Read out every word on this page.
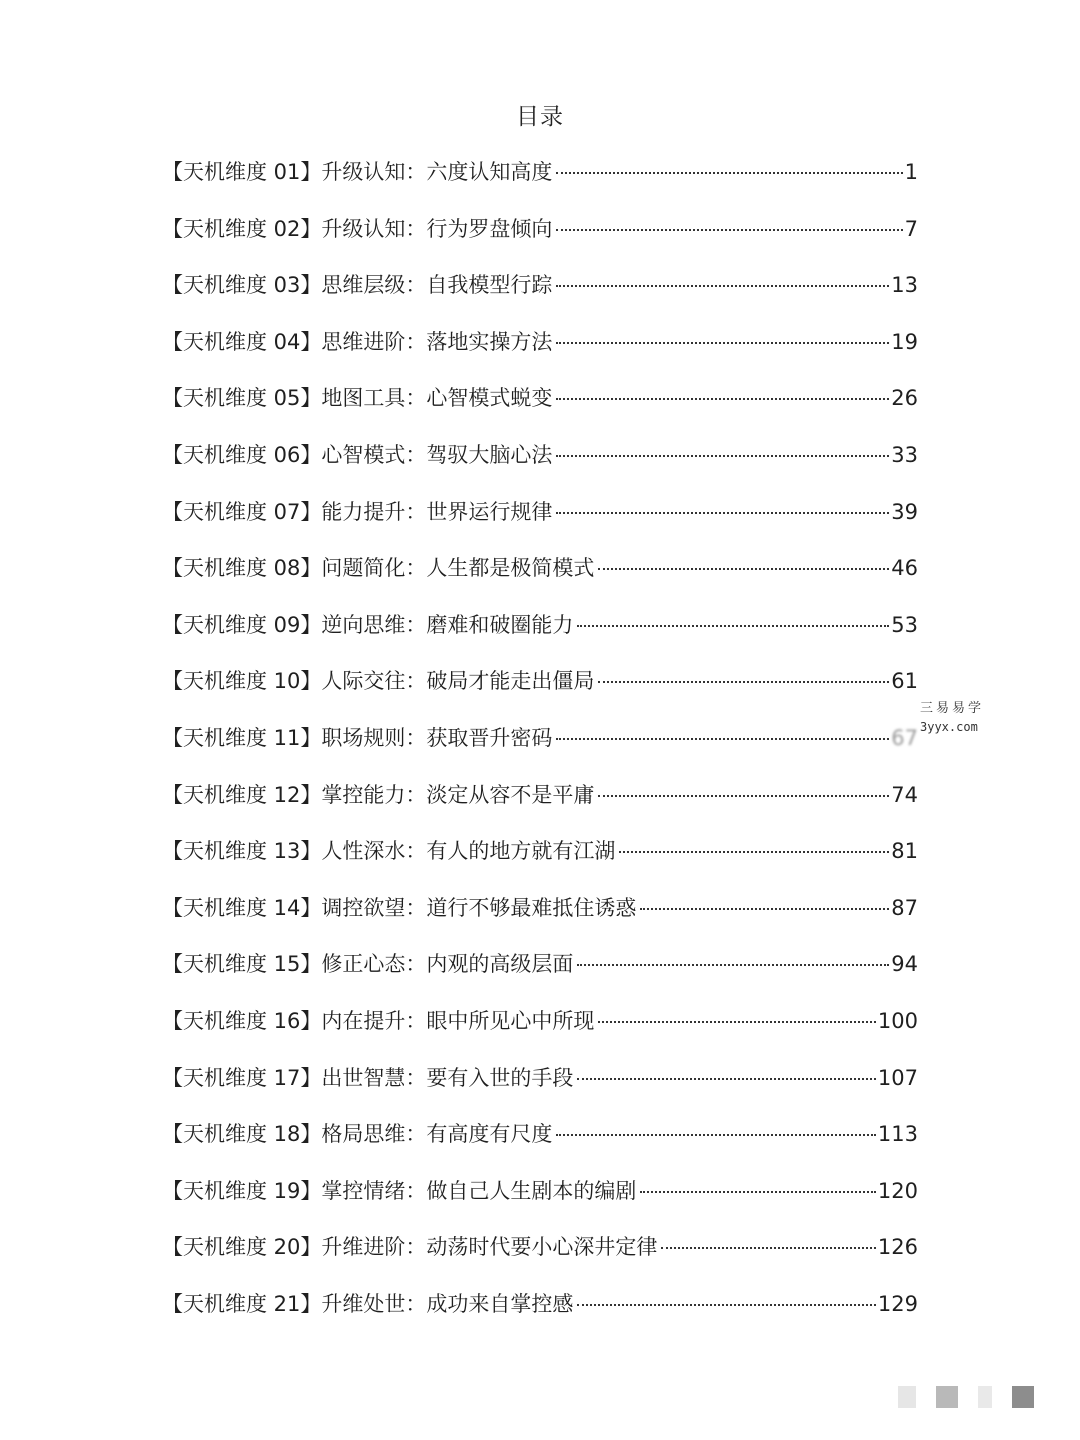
目录
【天机维度 01】升级认知：六度认知高度	1
【天机维度 02】升级认知：行为罗盘倾向	7
【天机维度 03】思维层级：自我模型行踪	13
【天机维度 04】思维进阶：落地实操方法	19
【天机维度 05】地图工具：心智模式蜕变	26
【天机维度 06】心智模式：驾驭大脑心法	33
【天机维度 07】能力提升：世界运行规律	39
【天机维度 08】问题简化：人生都是极简模式	46
【天机维度 09】逆向思维：磨难和破圈能力	53
【天机维度 10】人际交往：破局才能走出僵局	61
【天机维度 11】职场规则：获取晋升密码	67
【天机维度 12】掌控能力：淡定从容不是平庸	74
【天机维度 13】人性深水：有人的地方就有江湖	81
【天机维度 14】调控欲望：道行不够最难抵住诱惑	87
【天机维度 15】修正心态：内观的高级层面	94
【天机维度 16】内在提升：眼中所见心中所现	100
【天机维度 17】出世智慧：要有入世的手段	107
【天机维度 18】格局思维：有高度有尺度	113
【天机维度 19】掌控情绪：做自己人生剧本的编剧	120
【天机维度 20】升维进阶：动荡时代要小心深井定律	126
【天机维度 21】升维处世：成功来自掌控感	129
三易易学
3yyx.com
